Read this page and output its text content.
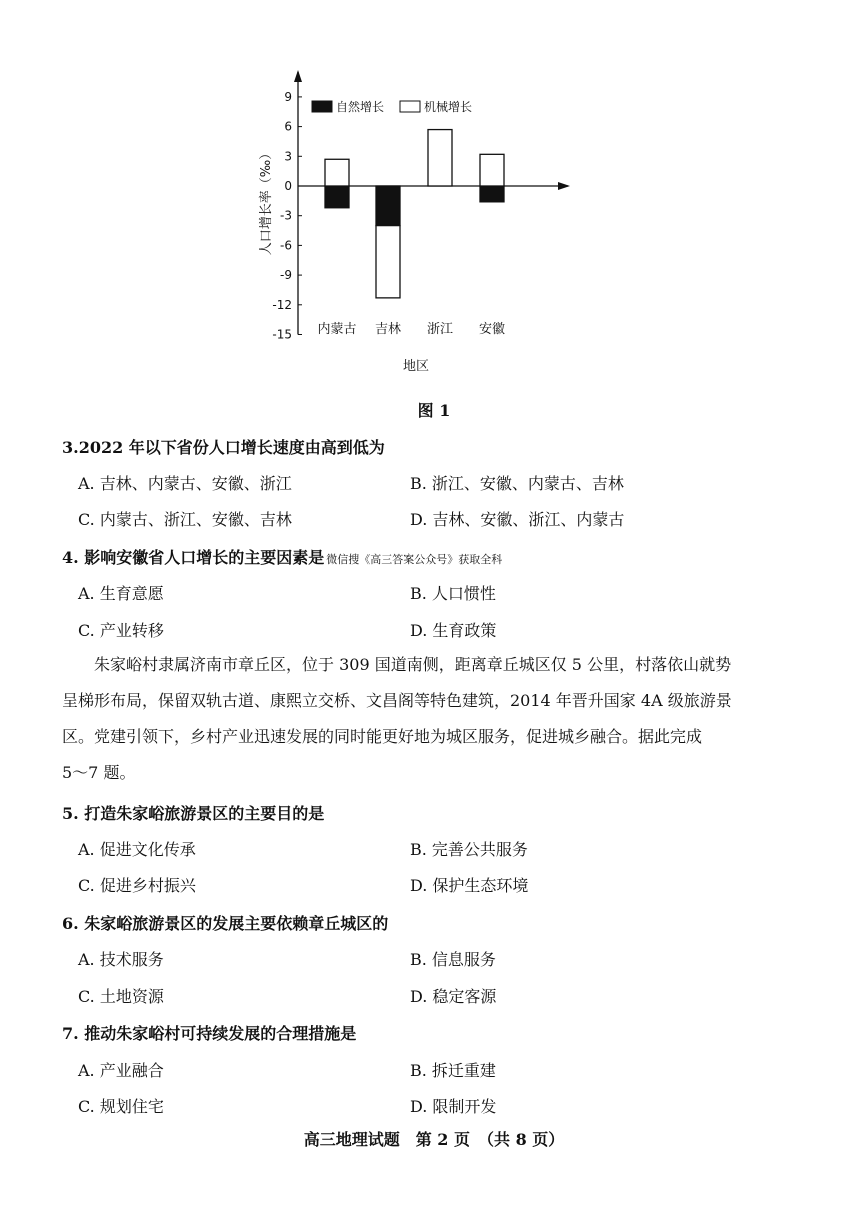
9
6
3
0
-3
-6
-9
-12
-15
人口增长率（‰）
内蒙古 吉林 浙江 安徽
地区
自然增长	机械增长
图 1
3.2022 年以下省份人口增长速度由高到低为
A. 吉林、内蒙古、安徽、浙江	B. 浙江、安徽、内蒙古、吉林
C. 内蒙古、浙江、安徽、吉林	D. 吉林、安徽、浙江、内蒙古
4. 影响安徽省人口增长的主要因素是 微信搜《高三答案公众号》获取全科
A. 生育意愿	B. 人口惯性
C. 产业转移	D. 生育政策

朱家峪村隶属济南市章丘区，位于 309 国道南侧，距离章丘城区仅 5 公里，村落依山就势

呈梯形布局，保留双轨古道、康熙立交桥、文昌阁等特色建筑，2014 年晋升国家 4A 级旅游景

区。党建引领下，乡村产业迅速发展的同时能更好地为城区服务，促进城乡融合。据此完成

5～7 题。

5. 打造朱家峪旅游景区的主要目的是
A. 促进文化传承	B. 完善公共服务
C. 促进乡村振兴	D. 保护生态环境
6. 朱家峪旅游景区的发展主要依赖章丘城区的
A. 技术服务	B. 信息服务
C. 土地资源	D. 稳定客源
7. 推动朱家峪村可持续发展的合理措施是
A. 产业融合	B. 拆迁重建
C. 规划住宅	D. 限制开发
高三地理试题　第 2 页　（共 8 页）
